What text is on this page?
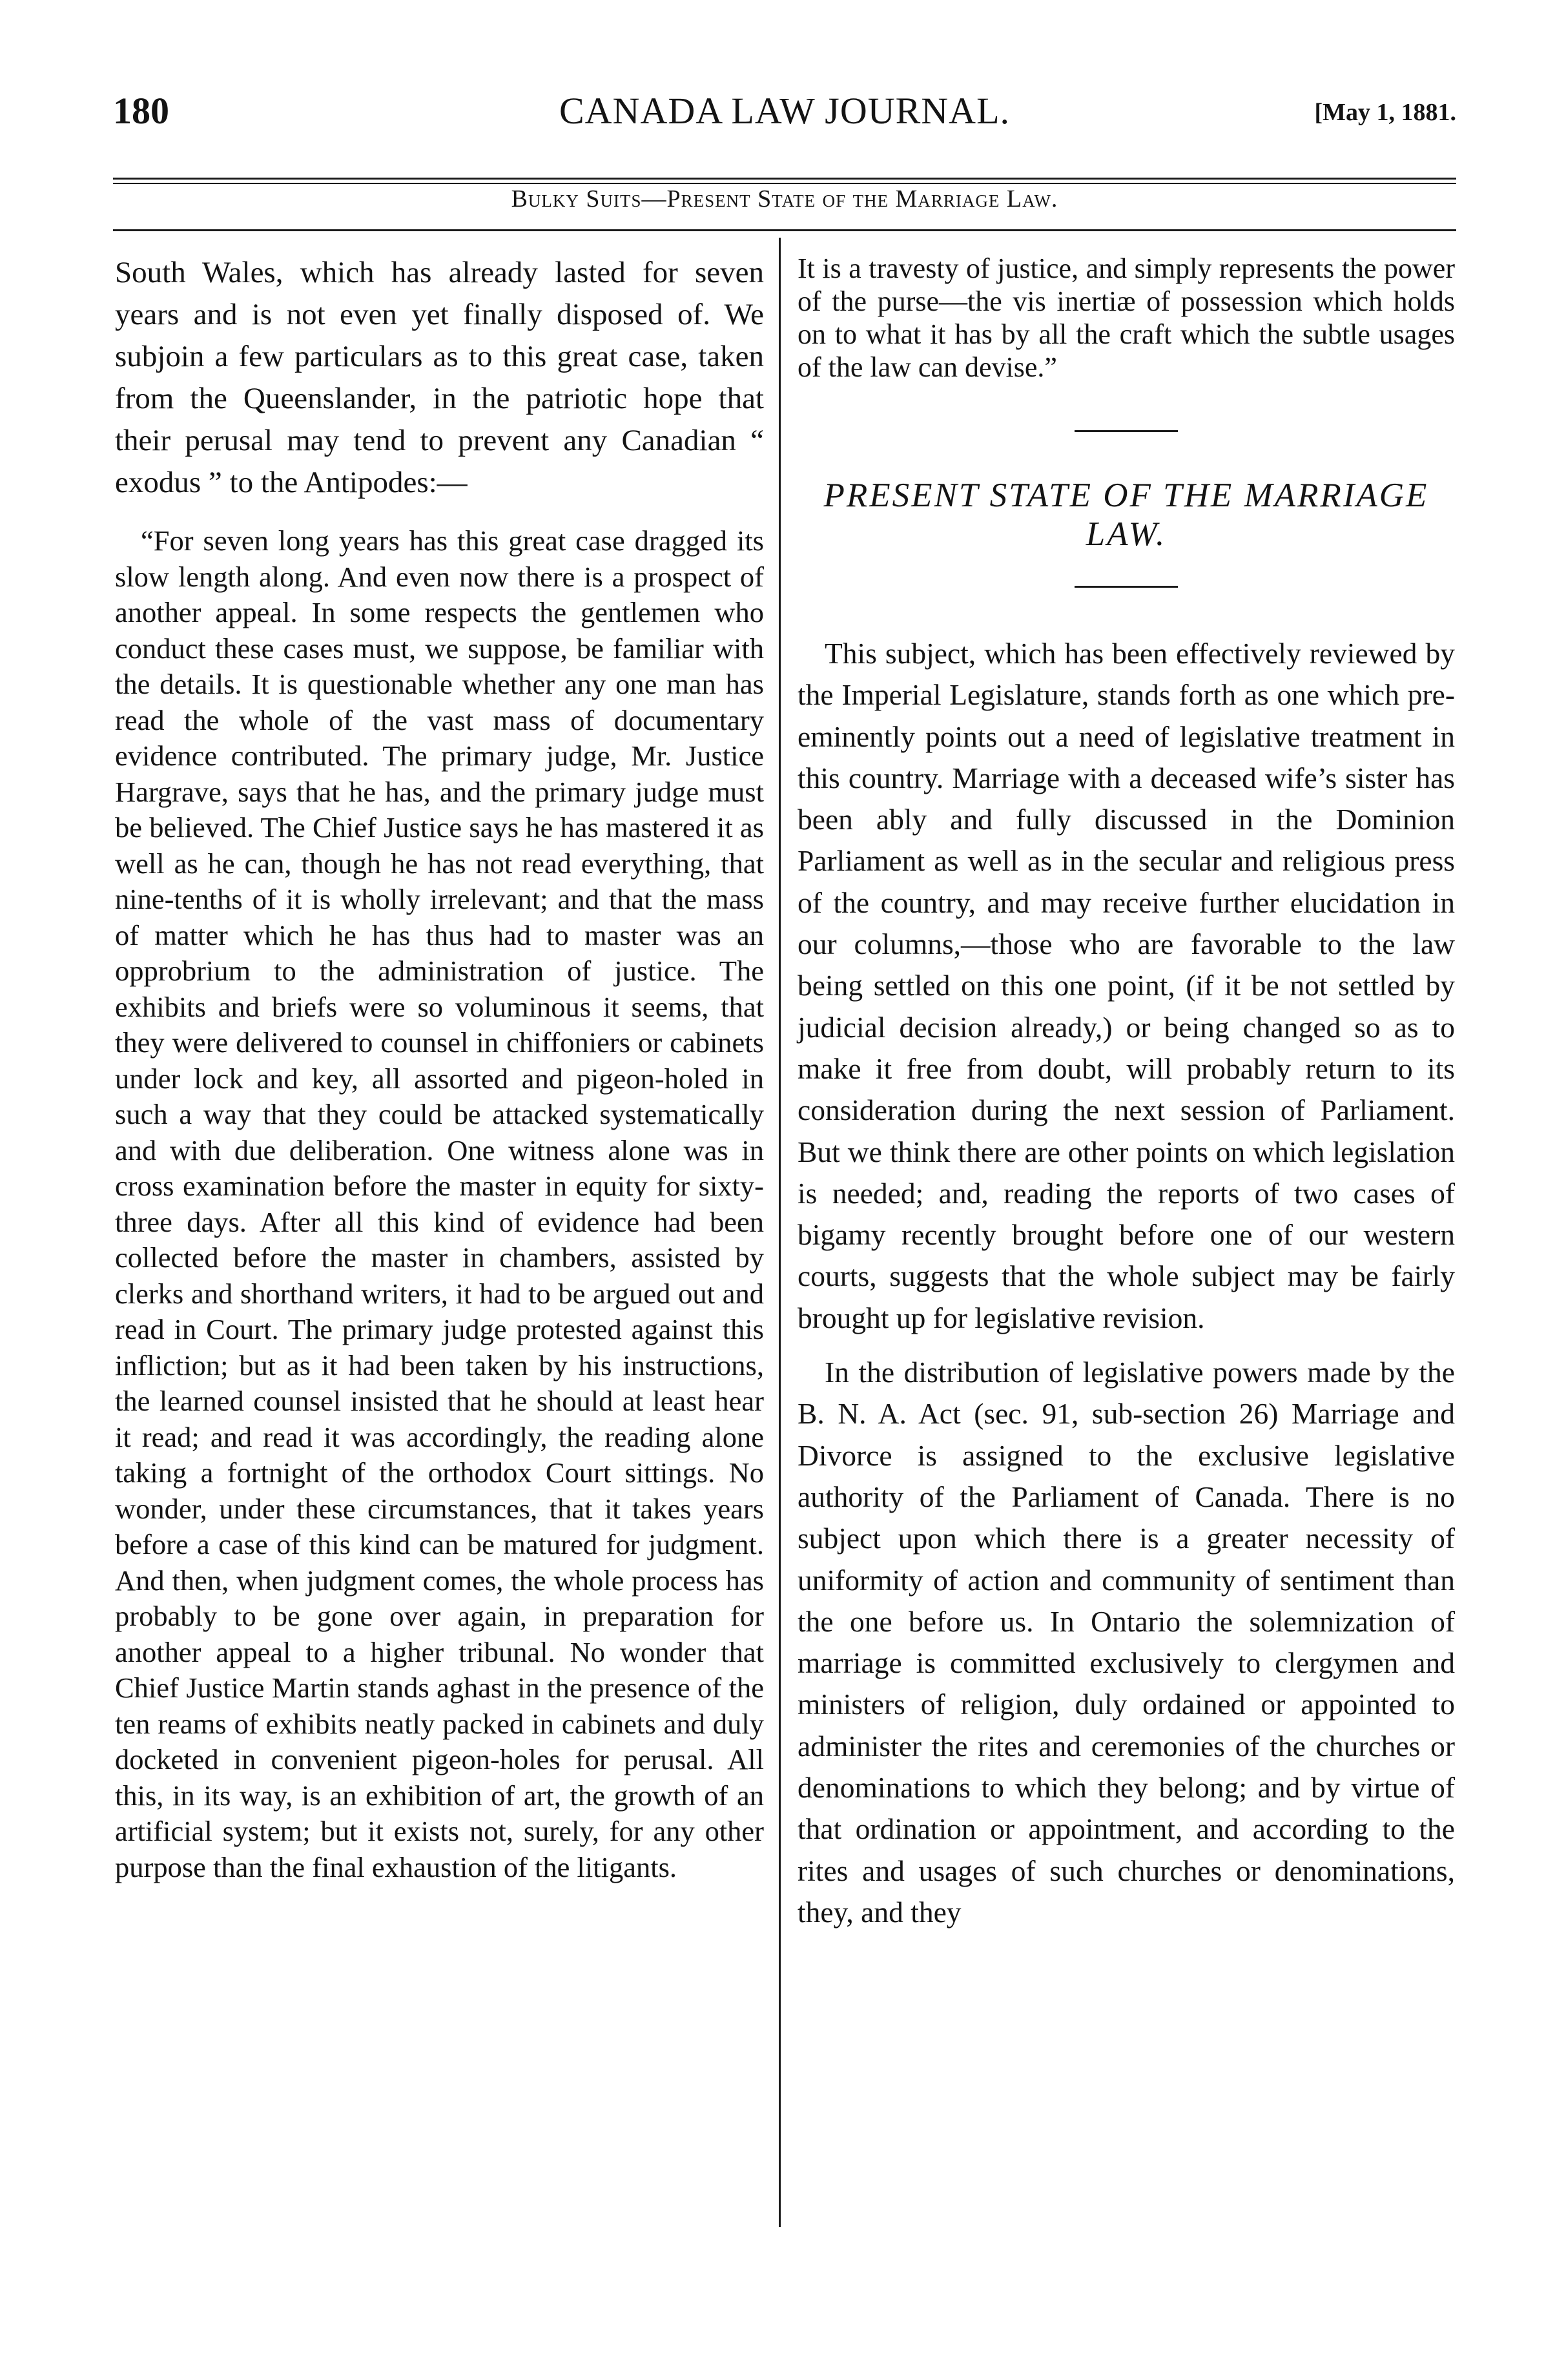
CANADA LAW JOURNAL.
180	[May 1, 1881.
Bulky Suits—Present State of the Marriage Law.

South Wales, which has already lasted for seven years and is not even yet finally disposed of. We subjoin a few particulars as to this great case, taken from the Queenslander, in the patriotic hope that their perusal may tend to prevent any Canadian “ exodus ” to the Antipodes:—

“For seven long years has this great case dragged its slow length along. And even now there is a prospect of another appeal. In some respects the gentlemen who conduct these cases must, we suppose, be familiar with the details. It is questionable whether any one man has read the whole of the vast mass of documentary evidence contributed. The primary judge, Mr. Justice Hargrave, says that he has, and the primary judge must be believed. The Chief Justice says he has mastered it as well as he can, though he has not read everything, that nine-tenths of it is wholly irrelevant; and that the mass of matter which he has thus had to master was an opprobrium to the administration of justice. The exhibits and briefs were so voluminous it seems, that they were delivered to counsel in chiffoniers or cabinets under lock and key, all assorted and pigeon-holed in such a way that they could be attacked systematically and with due deliberation. One witness alone was in cross examination before the master in equity for sixty-three days. After all this kind of evidence had been collected before the master in chambers, assisted by clerks and shorthand writers, it had to be argued out and read in Court. The primary judge protested against this infliction; but as it had been taken by his instructions, the learned counsel insisted that he should at least hear it read; and read it was accordingly, the reading alone taking a fortnight of the orthodox Court sittings. No wonder, under these circumstances, that it takes years before a case of this kind can be matured for judgment. And then, when judgment comes, the whole process has probably to be gone over again, in preparation for another appeal to a higher tribunal. No wonder that Chief Justice Martin stands aghast in the presence of the ten reams of exhibits neatly packed in cabinets and duly docketed in convenient pigeon-holes for perusal. All this, in its way, is an exhibition of art, the growth of an artificial system; but it exists not, surely, for any other purpose than the final exhaustion of the litigants.

It is a travesty of justice, and simply represents the power of the purse—the vis inertiæ of possession which holds on to what it has by all the craft which the subtle usages of the law can devise.”

PRESENT STATE OF THE MARRIAGE LAW.

This subject, which has been effectively reviewed by the Imperial Legislature, stands forth as one which pre-eminently points out a need of legislative treatment in this country. Marriage with a deceased wife’s sister has been ably and fully discussed in the Dominion Parliament as well as in the secular and religious press of the country, and may receive further elucidation in our columns,—those who are favorable to the law being settled on this one point, (if it be not settled by judicial decision already,) or being changed so as to make it free from doubt, will probably return to its consideration during the next session of Parliament. But we think there are other points on which legislation is needed; and, reading the reports of two cases of bigamy recently brought before one of our western courts, suggests that the whole subject may be fairly brought up for legislative revision.

In the distribution of legislative powers made by the B. N. A. Act (sec. 91, sub-section 26) Marriage and Divorce is assigned to the exclusive legislative authority of the Parliament of Canada. There is no subject upon which there is a greater necessity of uniformity of action and community of sentiment than the one before us. In Ontario the solemnization of marriage is committed exclusively to clergymen and ministers of religion, duly ordained or appointed to administer the rites and ceremonies of the churches or denominations to which they belong; and by virtue of that ordination or appointment, and according to the rites and usages of such churches or denominations, they, and they
